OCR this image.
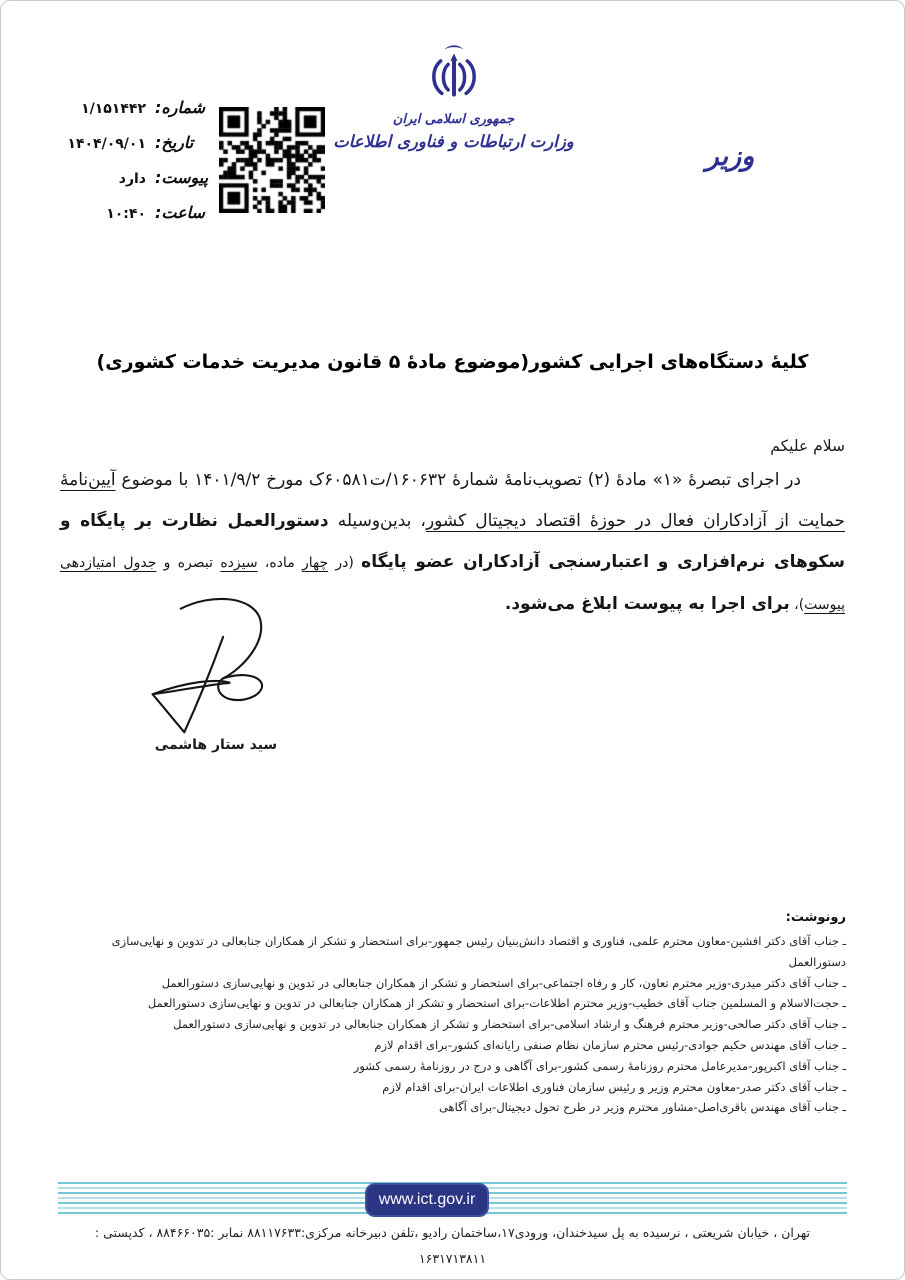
شماره:
۱/۱۵۱۴۴۲
تاریخ:
۱۴۰۴/۰۹/۰۱
پیوست:
دارد
ساعت:
۱۰:۴۰
جمهوری اسلامی ایران
وزارت ارتباطات و فناوری اطلاعات	وزیر
کلیۀ دستگاه‌های اجرایی کشور(موضوع مادۀ ۵ قانون مدیریت خدمات کشوری)
سلام علیکم

در اجرای تبصرۀ «۱» مادۀ (۲) تصویب‌نامۀ شمارۀ ۱۶۰۶۳۲/ت۶۰۵۸۱ک مورخ ۱۴۰۱/۹/۲ با موضوع آیین‌نامۀ حمایت از آزادکاران فعال در حوزۀ اقتصاد دیجیتال کشور، بدین‌وسیله دستورالعمل نظارت بر پایگاه و سکوهای نرم‌افزاری و اعتبارسنجی آزادکاران عضو پایگاه (در چهار ماده، سیزده تبصره و جدول امتیازدهی پیوست)، برای اجرا به پیوست ابلاغ می‌شود.

سید ستار هاشمی
رونوشت:
ـ جناب آقای دکتر افشین-معاون محترم علمی، فناوری و اقتصاد دانش‌بنیان رئیس جمهور-برای استحضار و تشکر از همکاران جنابعالی در تدوین و نهایی‌سازی دستورالعمل
ـ جناب آقای دکتر میدری-وزیر محترم تعاون، کار و رفاه اجتماعی-برای استحضار و تشکر از همکاران جنابعالی در تدوین و نهایی‌سازی دستورالعمل
ـ حجت‌الاسلام و المسلمین جناب آقای خطیب-وزیر محترم اطلاعات-برای استحضار و تشکر از همکاران جنابعالی در تدوین و نهایی‌سازی دستورالعمل
ـ جناب آقای دکتر صالحی-وزیر محترم فرهنگ و ارشاد اسلامی-برای استحضار و تشکر از همکاران جنابعالی در تدوین و نهایی‌سازی دستورالعمل
ـ جناب آقای مهندس حکیم جوادی-رئیس محترم سازمان نظام صنفی رایانه‌ای کشور-برای اقدام لازم
ـ جناب آقای اکبرپور-مدیرعامل محترم روزنامۀ رسمی کشور-برای آگاهی و درج در روزنامۀ رسمی کشور
ـ جناب آقای دکتر صدر-معاون محترم وزیر و رئیس سازمان فناوری اطلاعات ایران-برای اقدام لازم
ـ جناب آقای مهندس باقری‌اصل-مشاور محترم وزیر در طرح تحول دیجیتال-برای آگاهی
www.ict.gov.ir
تهران ، خیابان شریعتی ، نرسیده به پل سیدخندان، ورودی۱۷،ساختمان رادیو ،تلفن دبیرخانه مرکزی:۸۸۱۱۷۶۳۳ نمابر :۸۸۴۶۶۰۳۵ ، کدپستی :
۱۶۳۱۷۱۳۸۱۱
